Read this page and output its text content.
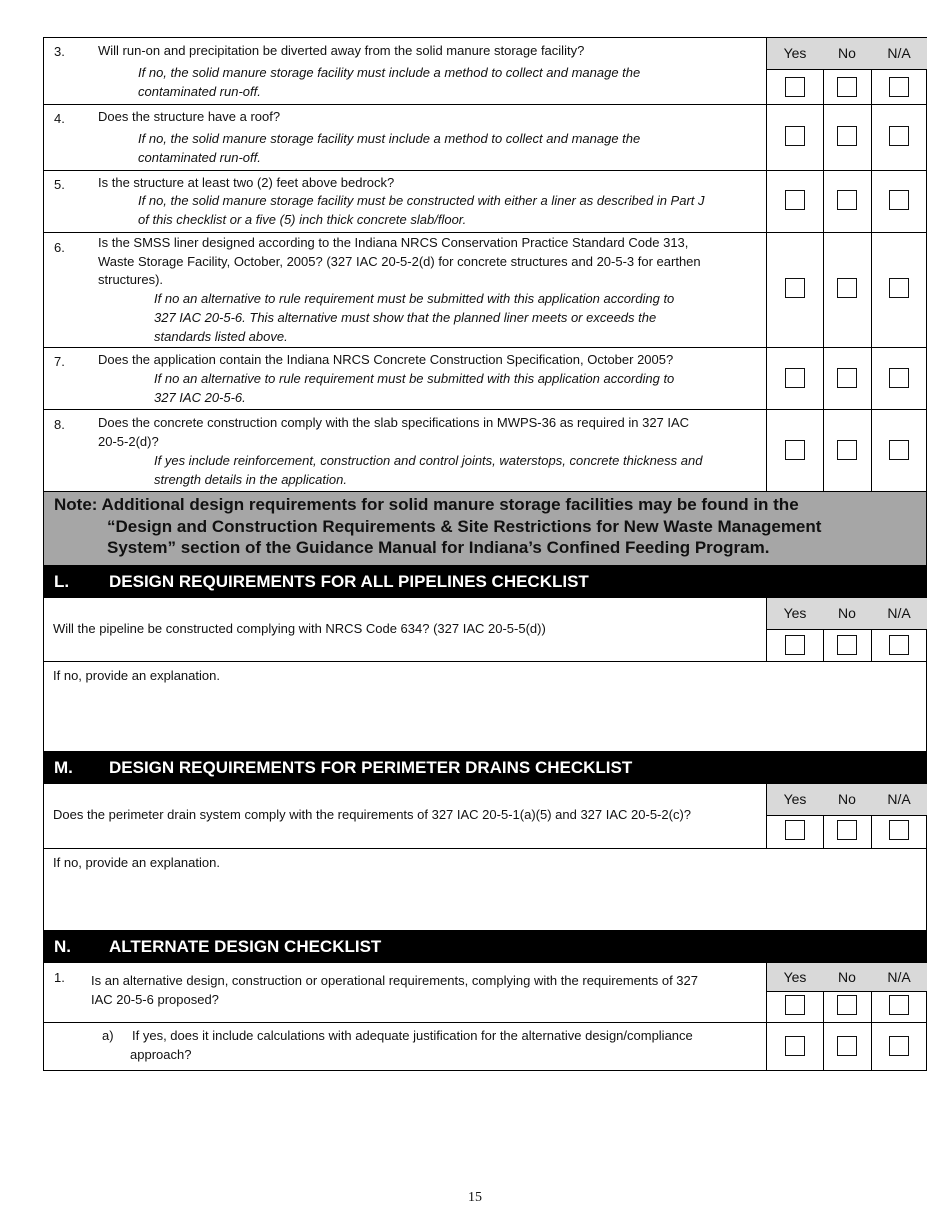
3.	Will run-on and precipitation be diverted away from the solid manure storage facility?
If no, the solid manure storage facility must include a method to collect and manage the
contaminated run-off.
Yes	No	N/A
4.	Does the structure have a roof?
If no, the solid manure storage facility must include a method to collect and manage the
contaminated run-off.
5.	Is the structure at least two (2) feet above bedrock?
If no, the solid manure storage facility must be constructed with either a liner as described in Part J
of this checklist or a five (5) inch thick concrete slab/floor.
6.	Is the SMSS liner designed according to the Indiana NRCS Conservation Practice Standard Code 313,
Waste Storage Facility, October, 2005? (327 IAC 20-5-2(d) for concrete structures and 20-5-3 for earthen
structures).
If no an alternative to rule requirement must be submitted with this application according to
327 IAC 20-5-6. This alternative must show that the planned liner meets or exceeds the
standards listed above.
7.	Does the application contain the Indiana NRCS Concrete Construction Specification, October 2005?
If no an alternative to rule requirement must be submitted with this application according to
327 IAC 20-5-6.
8.	Does the concrete construction comply with the slab specifications in MWPS-36 as required in 327 IAC
20-5-2(d)?
If yes include reinforcement, construction and control joints, waterstops, concrete thickness and
strength details in the application.
Note: Additional design requirements for solid manure storage facilities may be found in the
“Design and Construction Requirements & Site Restrictions for New Waste Management
System” section of the Guidance Manual for Indiana’s Confined Feeding Program.
L. DESIGN REQUIREMENTS FOR ALL PIPELINES CHECKLIST
Will the pipeline be constructed complying with NRCS Code 634? (327 IAC 20-5-5(d))
Yes	No	N/A
If no, provide an explanation.
M. DESIGN REQUIREMENTS FOR PERIMETER DRAINS CHECKLIST
Does the perimeter drain system comply with the requirements of 327 IAC 20-5-1(a)(5) and 327 IAC 20-5-2(c)?
Yes	No	N/A
If no, provide an explanation.
N. ALTERNATE DESIGN CHECKLIST
1. Is an alternative design, construction or operational requirements, complying with the requirements of 327
IAC 20-5-6 proposed?
Yes	No	N/A
a) If yes, does it include calculations with adequate justification for the alternative design/compliance
approach?
15
